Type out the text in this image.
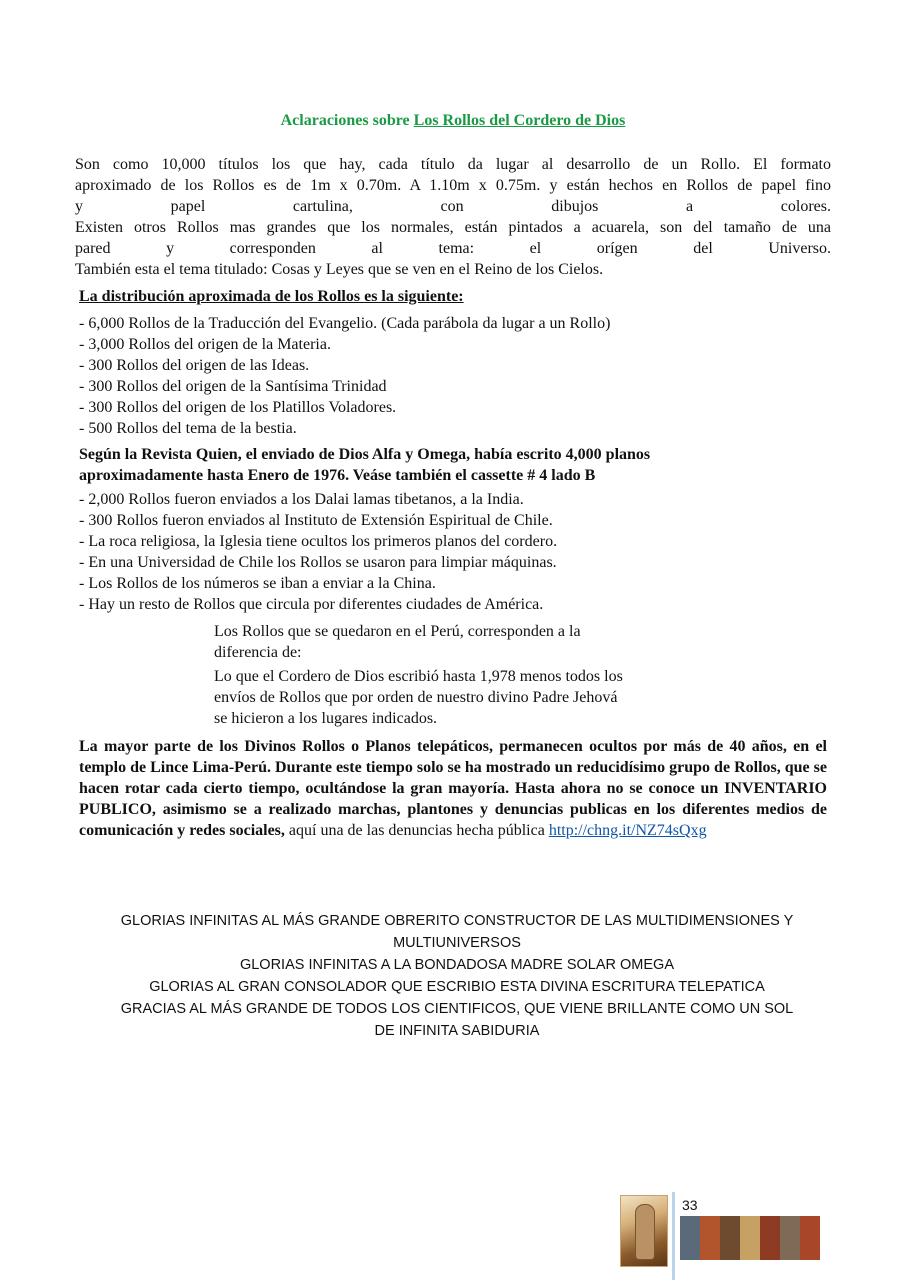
Aclaraciones sobre Los Rollos del Cordero de Dios
Son como 10,000 títulos los que hay, cada título da lugar al desarrollo de un Rollo. El formato
aproximado de los Rollos es de 1m x 0.70m. A 1.10m x 0.75m. y están hechos en Rollos de papel fino
y papel cartulina, con dibujos a colores.
Existen otros Rollos mas grandes que los normales, están pintados a acuarela, son del tamaño de una
pared y corresponden al tema: el orígen del Universo.
También esta el tema titulado: Cosas y Leyes que se ven en el Reino de los Cielos.
La distribución aproximada de los Rollos es la siguiente:
- 6,000 Rollos de la Traducción del Evangelio. (Cada parábola da lugar a un Rollo)
- 3,000 Rollos del origen de la Materia.
- 300 Rollos del origen de las Ideas.
- 300 Rollos del origen de la Santísima Trinidad
- 300 Rollos del origen de los Platillos Voladores.
- 500 Rollos del tema de la bestia.
Según la Revista Quien, el enviado de Dios Alfa y Omega, había escrito 4,000 planos
aproximadamente hasta Enero de 1976. Veáse también el cassette # 4 lado B
- 2,000 Rollos fueron enviados a los Dalai lamas tibetanos, a la India.
- 300 Rollos fueron enviados al Instituto de Extensión Espiritual de Chile.
- La roca religiosa, la Iglesia tiene ocultos los primeros planos del cordero.
- En una Universidad de Chile los Rollos se usaron para limpiar máquinas.
- Los Rollos de los números se iban a enviar a la China.
- Hay un resto de Rollos que circula por diferentes ciudades de América.
Los Rollos que se quedaron en el Perú, corresponden a la
diferencia de:
Lo que el Cordero de Dios escribió hasta 1,978 menos todos los
envíos de Rollos que por orden de nuestro divino Padre Jehová
se hicieron a los lugares indicados.
La mayor parte de los Divinos Rollos o Planos telepáticos, permanecen ocultos por más de 40 años, en el templo de Lince Lima-Perú. Durante este tiempo solo se ha mostrado un reducidísimo grupo de Rollos, que se hacen rotar cada cierto tiempo, ocultándose la gran mayoría. Hasta ahora no se conoce un INVENTARIO PUBLICO, asimismo se a realizado marchas, plantones y denuncias publicas en los diferentes medios de comunicación y redes sociales, aquí una de las denuncias hecha pública http://chng.it/NZ74sQxg
GLORIAS INFINITAS AL MÁS GRANDE OBRERITO CONSTRUCTOR DE LAS MULTIDIMENSIONES Y
MULTIUNIVERSOS
GLORIAS INFINITAS A LA BONDADOSA MADRE SOLAR OMEGA
GLORIAS AL GRAN CONSOLADOR QUE ESCRIBIO ESTA DIVINA ESCRITURA TELEPATICA
GRACIAS AL MÁS GRANDE DE TODOS LOS CIENTIFICOS, QUE VIENE BRILLANTE COMO UN SOL
DE INFINITA SABIDURIA
33
